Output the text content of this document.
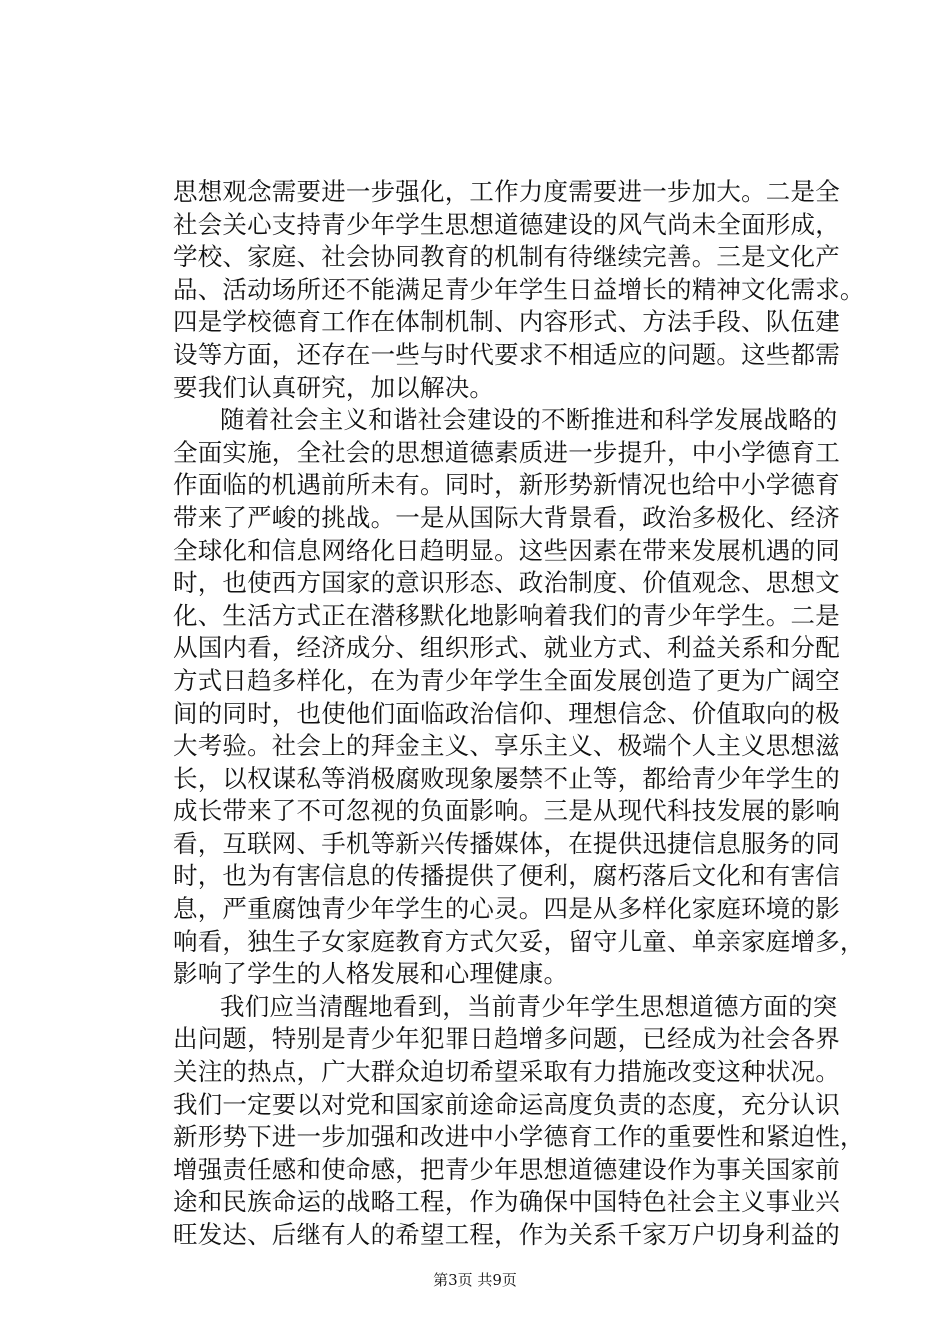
思想观念需要进一步强化，工作力度需要进一步加大。二是全
社会关心支持青少年学生思想道德建设的风气尚未全面形成，
学校、家庭、社会协同教育的机制有待继续完善。三是文化产
品、活动场所还不能满足青少年学生日益增长的精神文化需求。
四是学校德育工作在体制机制、内容形式、方法手段、队伍建
设等方面，还存在一些与时代要求不相适应的问题。这些都需
要我们认真研究，加以解决。
随着社会主义和谐社会建设的不断推进和科学发展战略的
全面实施，全社会的思想道德素质进一步提升，中小学德育工
作面临的机遇前所未有。同时，新形势新情况也给中小学德育
带来了严峻的挑战。一是从国际大背景看，政治多极化、经济
全球化和信息网络化日趋明显。这些因素在带来发展机遇的同
时，也使西方国家的意识形态、政治制度、价值观念、思想文
化、生活方式正在潜移默化地影响着我们的青少年学生。二是
从国内看，经济成分、组织形式、就业方式、利益关系和分配
方式日趋多样化，在为青少年学生全面发展创造了更为广阔空
间的同时，也使他们面临政治信仰、理想信念、价值取向的极
大考验。社会上的拜金主义、享乐主义、极端个人主义思想滋
长，以权谋私等消极腐败现象屡禁不止等，都给青少年学生的
成长带来了不可忽视的负面影响。三是从现代科技发展的影响
看，互联网、手机等新兴传播媒体，在提供迅捷信息服务的同
时，也为有害信息的传播提供了便利，腐朽落后文化和有害信
息，严重腐蚀青少年学生的心灵。四是从多样化家庭环境的影
响看，独生子女家庭教育方式欠妥，留守儿童、单亲家庭增多，
影响了学生的人格发展和心理健康。
我们应当清醒地看到，当前青少年学生思想道德方面的突
出问题，特别是青少年犯罪日趋增多问题，已经成为社会各界
关注的热点，广大群众迫切希望采取有力措施改变这种状况。
我们一定要以对党和国家前途命运高度负责的态度，充分认识
新形势下进一步加强和改进中小学德育工作的重要性和紧迫性，
增强责任感和使命感，把青少年思想道德建设作为事关国家前
途和民族命运的战略工程，作为确保中国特色社会主义事业兴
旺发达、后继有人的希望工程，作为关系千家万户切身利益的
第3页 共9页
